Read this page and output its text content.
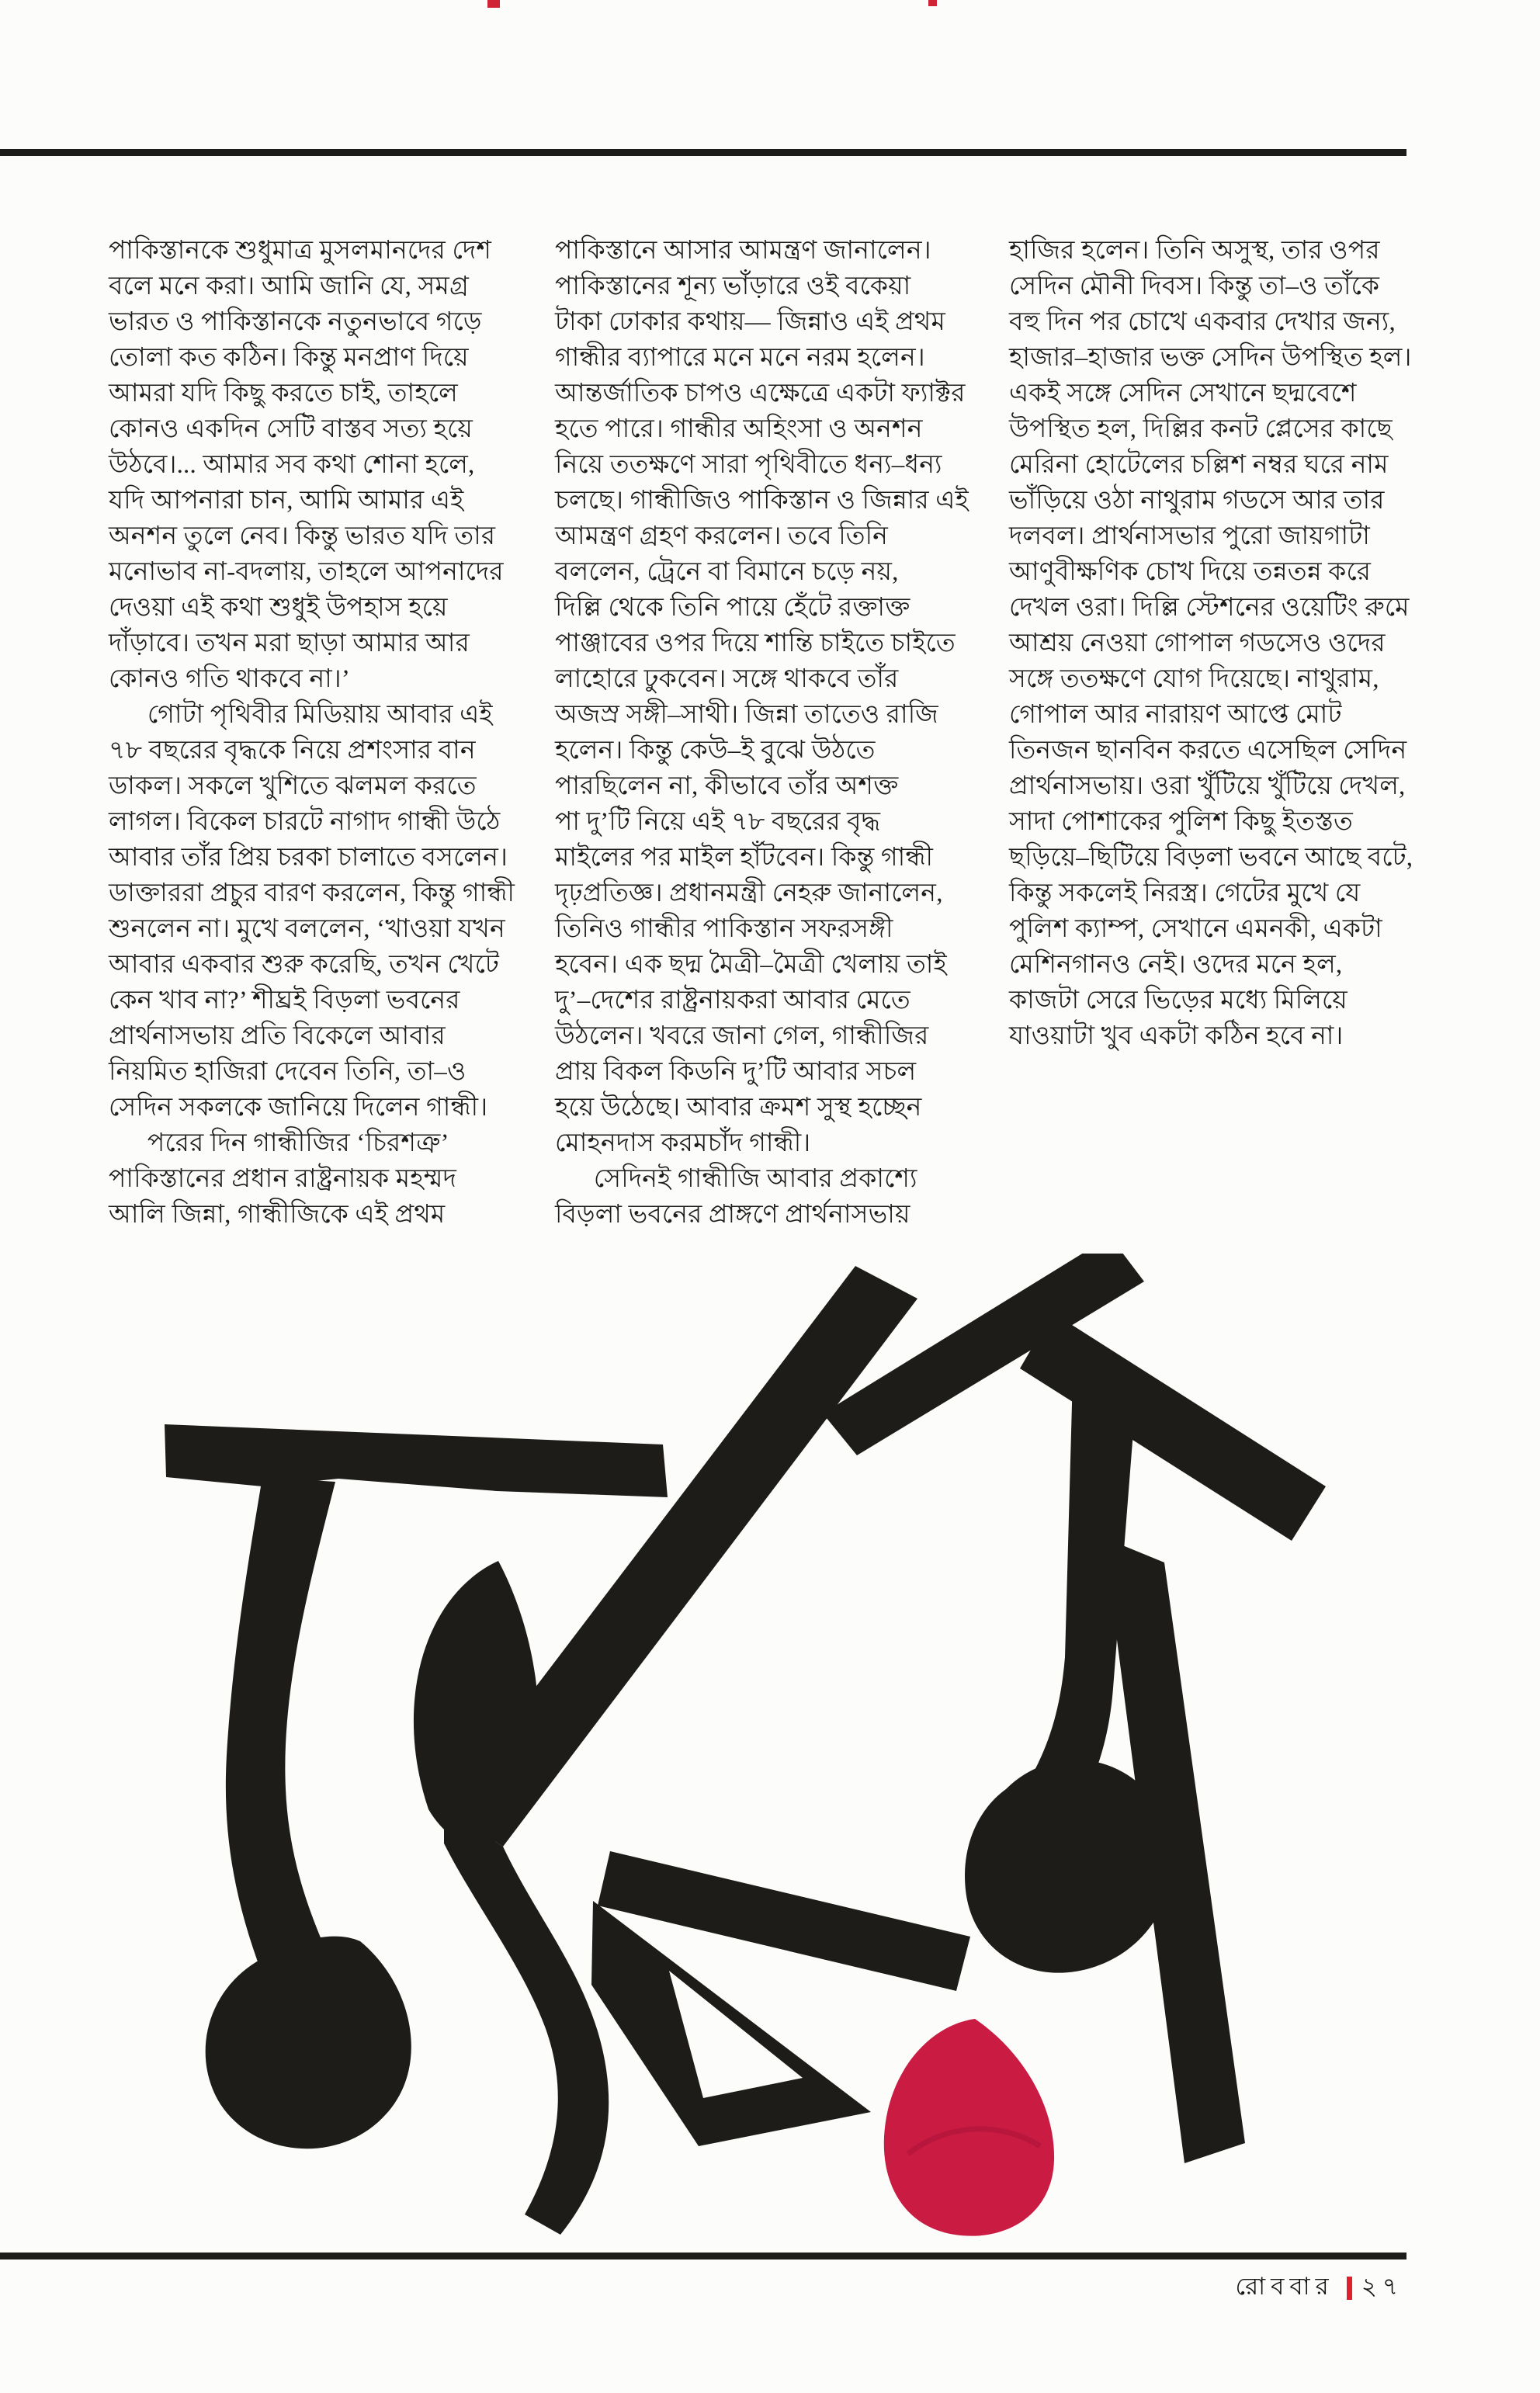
পাকিস্তানকে শুধুমাত্র মুসলমানদের দেশ
বলে মনে করা। আমি জানি যে, সমগ্র
ভারত ও পাকিস্তানকে নতুনভাবে গড়ে
তোলা কত কঠিন। কিন্তু মনপ্রাণ দিয়ে
আমরা যদি কিছু করতে চাই, তাহলে
কোনও একদিন সেটি বাস্তব সত্য হয়ে
উঠবে।... আমার সব কথা শোনা হলে,
যদি আপনারা চান, আমি আমার এই
অনশন তুলে নেব। কিন্তু ভারত যদি তার
মনোভাব না-বদলায়, তাহলে আপনাদের
দেওয়া এই কথা শুধুই উপহাস হয়ে
দাঁড়াবে। তখন মরা ছাড়া আমার আর
কোনও গতি থাকবে না।’
  গোটা পৃথিবীর মিডিয়ায় আবার এই
৭৮ বছরের বৃদ্ধকে নিয়ে প্রশংসার বান
ডাকল। সকলে খুশিতে ঝলমল করতে
লাগল। বিকেল চারটে নাগাদ গান্ধী উঠে
আবার তাঁর প্রিয় চরকা চালাতে বসলেন।
ডাক্তাররা প্রচুর বারণ করলেন, কিন্তু গান্ধী
শুনলেন না। মুখে বললেন, ‘খাওয়া যখন
আবার একবার শুরু করেছি, তখন খেটে
কেন খাব না?’ শীঘ্রই বিড়লা ভবনের
প্রার্থনাসভায় প্রতি বিকেলে আবার
নিয়মিত হাজিরা দেবেন তিনি, তা–ও
সেদিন সকলকে জানিয়ে দিলেন গান্ধী।
  পরের দিন গান্ধীজির ‘চিরশত্রু’
পাকিস্তানের প্রধান রাষ্ট্রনায়ক মহম্মদ
আলি জিন্না, গান্ধীজিকে এই প্রথম
পাকিস্তানে আসার আমন্ত্রণ জানালেন।
পাকিস্তানের শূন্য ভাঁড়ারে ওই বকেয়া
টাকা ঢোকার কথায়— জিন্নাও এই প্রথম
গান্ধীর ব্যাপারে মনে মনে নরম হলেন।
আন্তর্জাতিক চাপও এক্ষেত্রে একটা ফ্যাক্টর
হতে পারে। গান্ধীর অহিংসা ও অনশন
নিয়ে ততক্ষণে সারা পৃথিবীতে ধন্য–ধন্য
চলছে। গান্ধীজিও পাকিস্তান ও জিন্নার এই
আমন্ত্রণ গ্রহণ করলেন। তবে তিনি
বললেন, ট্রেনে বা বিমানে চড়ে নয়,
দিল্লি থেকে তিনি পায়ে হেঁটে রক্তাক্ত
পাঞ্জাবের ওপর দিয়ে শান্তি চাইতে চাইতে
লাহোরে ঢুকবেন। সঙ্গে থাকবে তাঁর
অজস্র সঙ্গী–সাথী। জিন্না তাতেও রাজি
হলেন। কিন্তু কেউ–ই বুঝে উঠতে
পারছিলেন না, কীভাবে তাঁর অশক্ত
পা দু’টি নিয়ে এই ৭৮ বছরের বৃদ্ধ
মাইলের পর মাইল হাঁটবেন। কিন্তু গান্ধী
দৃঢ়প্রতিজ্ঞ। প্রধানমন্ত্রী নেহরু জানালেন,
তিনিও গান্ধীর পাকিস্তান সফরসঙ্গী
হবেন। এক ছদ্ম মৈত্রী–মৈত্রী খেলায় তাই
দু’–দেশের রাষ্ট্রনায়করা আবার মেতে
উঠলেন। খবরে জানা গেল, গান্ধীজির
প্রায় বিকল কিডনি দু’টি আবার সচল
হয়ে উঠেছে। আবার ক্রমশ সুস্থ হচ্ছেন
মোহনদাস করমচাঁদ গান্ধী।
  সেদিনই গান্ধীজি আবার প্রকাশ্যে
বিড়লা ভবনের প্রাঙ্গণে প্রার্থনাসভায়
হাজির হলেন। তিনি অসুস্থ, তার ওপর
সেদিন মৌনী দিবস। কিন্তু তা–ও তাঁকে
বহু দিন পর চোখে একবার দেখার জন্য,
হাজার–হাজার ভক্ত সেদিন উপস্থিত হল।
একই সঙ্গে সেদিন সেখানে ছদ্মবেশে
উপস্থিত হল, দিল্লির কনট প্লেসের কাছে
মেরিনা হোটেলের চল্লিশ নম্বর ঘরে নাম
ভাঁড়িয়ে ওঠা নাথুরাম গডসে আর তার
দলবল। প্রার্থনাসভার পুরো জায়গাটা
আণুবীক্ষণিক চোখ দিয়ে তন্নতন্ন করে
দেখল ওরা। দিল্লি স্টেশনের ওয়েটিং রুমে
আশ্রয় নেওয়া গোপাল গডসেও ওদের
সঙ্গে ততক্ষণে যোগ দিয়েছে। নাথুরাম,
গোপাল আর নারায়ণ আপ্তে মোট
তিনজন ছানবিন করতে এসেছিল সেদিন
প্রার্থনাসভায়। ওরা খুঁটিয়ে খুঁটিয়ে দেখল,
সাদা পোশাকের পুলিশ কিছু ইতস্তত
ছড়িয়ে–ছিটিয়ে বিড়লা ভবনে আছে বটে,
কিন্তু সকলেই নিরস্ত্র। গেটের মুখে যে
পুলিশ ক্যাম্প, সেখানে এমনকী, একটা
মেশিনগানও নেই। ওদের মনে হল,
কাজটা সেরে ভিড়ের মধ্যে মিলিয়ে
যাওয়াটা খুব একটা কঠিন হবে না।
রোববার ২৭
